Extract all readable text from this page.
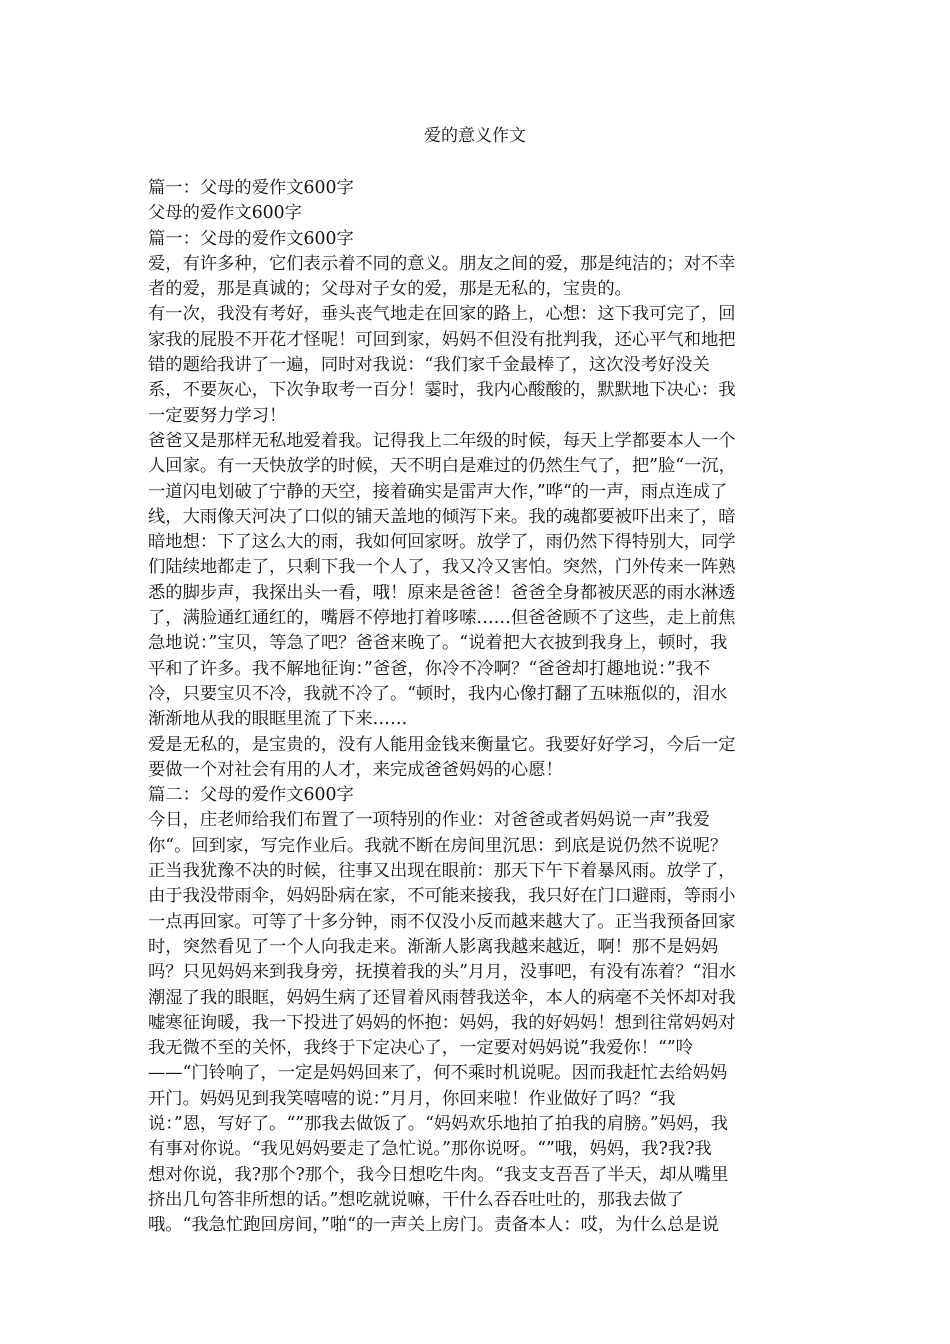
爱的意义作文
篇一：父母的爱作文600字
父母的爱作文600字
篇一：父母的爱作文600字
爱，有许多种，它们表示着不同的意义。朋友之间的爱，那是纯洁的；对不幸
者的爱，那是真诚的；父母对子女的爱，那是无私的，宝贵的。
有一次，我没有考好，垂头丧气地走在回家的路上，心想：这下我可完了，回
家我的屁股不开花才怪呢！可回到家，妈妈不但没有批判我，还心平气和地把
错的题给我讲了一遍，同时对我说：“我们家千金最棒了，这次没考好没关
系，不要灰心，下次争取考一百分！霎时，我内心酸酸的，默默地下决心：我
一定要努力学习！
爸爸又是那样无私地爱着我。记得我上二年级的时候，每天上学都要本人一个
人回家。有一天快放学的时候，天不明白是难过的仍然生气了，把”脸“一沉，
一道闪电划破了宁静的天空，接着确实是雷声大作，”哗“的一声，雨点连成了
线，大雨像天河决了口似的铺天盖地的倾泻下来。我的魂都要被吓出来了，暗
暗地想：下了这么大的雨，我如何回家呀。放学了，雨仍然下得特别大，同学
们陆续地都走了，只剩下我一个人了，我又冷又害怕。突然，门外传来一阵熟
悉的脚步声，我探出头一看，哦！原来是爸爸！爸爸全身都被厌恶的雨水淋透
了，满脸通红通红的，嘴唇不停地打着哆嗦……但爸爸顾不了这些，走上前焦
急地说：”宝贝，等急了吧？爸爸来晚了。“说着把大衣披到我身上，顿时，我
平和了许多。我不解地征询：”爸爸，你冷不冷啊？“爸爸却打趣地说：”我不
冷，只要宝贝不冷，我就不冷了。“顿时，我内心像打翻了五味瓶似的，泪水
渐渐地从我的眼眶里流了下来……
爱是无私的，是宝贵的，没有人能用金钱来衡量它。我要好好学习，今后一定
要做一个对社会有用的人才，来完成爸爸妈妈的心愿！
篇二：父母的爱作文600字
今日，庄老师给我们布置了一项特别的作业：对爸爸或者妈妈说一声”我爱
你“。回到家，写完作业后。我就不断在房间里沉思：到底是说仍然不说呢？
正当我犹豫不决的时候，往事又出现在眼前：那天下午下着暴风雨。放学了，
由于我没带雨伞，妈妈卧病在家，不可能来接我，我只好在门口避雨，等雨小
一点再回家。可等了十多分钟，雨不仅没小反而越来越大了。正当我预备回家
时，突然看见了一个人向我走来。渐渐人影离我越来越近，啊！那不是妈妈
吗？只见妈妈来到我身旁，抚摸着我的头”月月，没事吧，有没有冻着？“泪水
潮湿了我的眼眶，妈妈生病了还冒着风雨替我送伞，本人的病毫不关怀却对我
嘘寒征询暖，我一下投进了妈妈的怀抱：妈妈，我的好妈妈！想到往常妈妈对
我无微不至的关怀，我终于下定决心了，一定要对妈妈说”我爱你！“”呤
——“门铃响了，一定是妈妈回来了，何不乘时机说呢。因而我赶忙去给妈妈
开门。妈妈见到我笑嘻嘻的说：”月月，你回来啦！作业做好了吗？“我
说：”恩，写好了。“”那我去做饭了。“妈妈欢乐地拍了拍我的肩膀。”妈妈，我
有事对你说。“我见妈妈要走了急忙说。”那你说呀。“”哦，妈妈，我?我?我
想对你说，我?那个?那个，我今日想吃牛肉。“我支支吾吾了半天，却从嘴里
挤出几句答非所想的话。”想吃就说嘛，干什么吞吞吐吐的，那我去做了
哦。“我急忙跑回房间，”啪“的一声关上房门。责备本人：哎，为什么总是说
